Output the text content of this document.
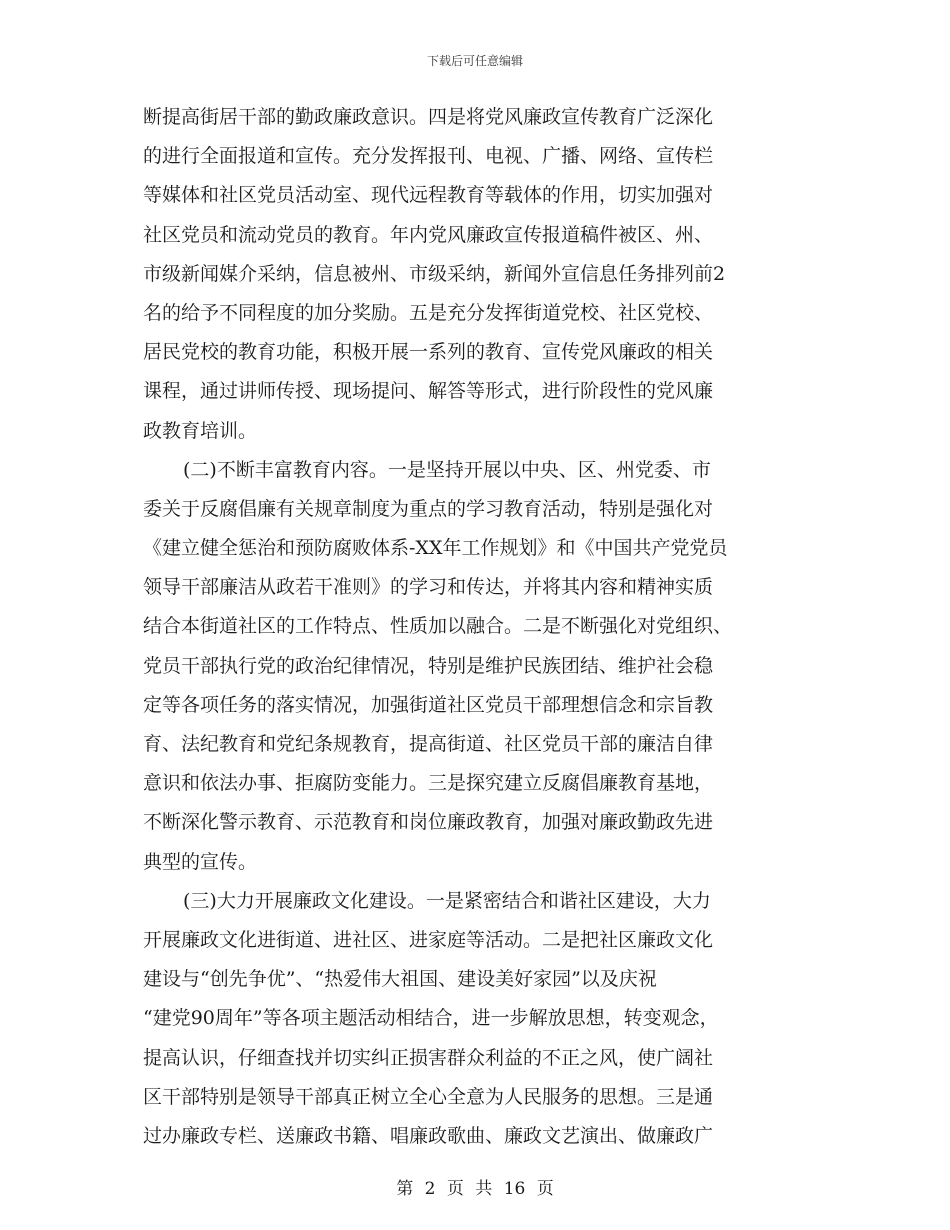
下载后可任意编辑
断提高街居干部的勤政廉政意识。四是将党风廉政宣传教育广泛深化
的进行全面报道和宣传。充分发挥报刊、电视、广播、网络、宣传栏
等媒体和社区党员活动室、现代远程教育等载体的作用，切实加强对
社区党员和流动党员的教育。年内党风廉政宣传报道稿件被区、州、
市级新闻媒介采纳，信息被州、市级采纳，新闻外宣信息任务排列前2
名的给予不同程度的加分奖励。五是充分发挥街道党校、社区党校、
居民党校的教育功能，积极开展一系列的教育、宣传党风廉政的相关
课程，通过讲师传授、现场提问、解答等形式，进行阶段性的党风廉
政教育培训。
(二)不断丰富教育内容。一是坚持开展以中央、区、州党委、市
委关于反腐倡廉有关规章制度为重点的学习教育活动，特别是强化对
《建立健全惩治和预防腐败体系-XX年工作规划》和《中国共产党党员
领导干部廉洁从政若干准则》的学习和传达，并将其内容和精神实质
结合本街道社区的工作特点、性质加以融合。二是不断强化对党组织、
党员干部执行党的政治纪律情况，特别是维护民族团结、维护社会稳
定等各项任务的落实情况，加强街道社区党员干部理想信念和宗旨教
育、法纪教育和党纪条规教育，提高街道、社区党员干部的廉洁自律
意识和依法办事、拒腐防变能力。三是探究建立反腐倡廉教育基地，
不断深化警示教育、示范教育和岗位廉政教育，加强对廉政勤政先进
典型的宣传。
(三)大力开展廉政文化建设。一是紧密结合和谐社区建设，大力
开展廉政文化进街道、进社区、进家庭等活动。二是把社区廉政文化
建设与“创先争优”、“热爱伟大祖国、建设美好家园”以及庆祝
“建党90周年”等各项主题活动相结合，进一步解放思想，转变观念，
提高认识，仔细查找并切实纠正损害群众利益的不正之风，使广阔社
区干部特别是领导干部真正树立全心全意为人民服务的思想。三是通
过办廉政专栏、送廉政书籍、唱廉政歌曲、廉政文艺演出、做廉政广
第 2 页 共 16 页
